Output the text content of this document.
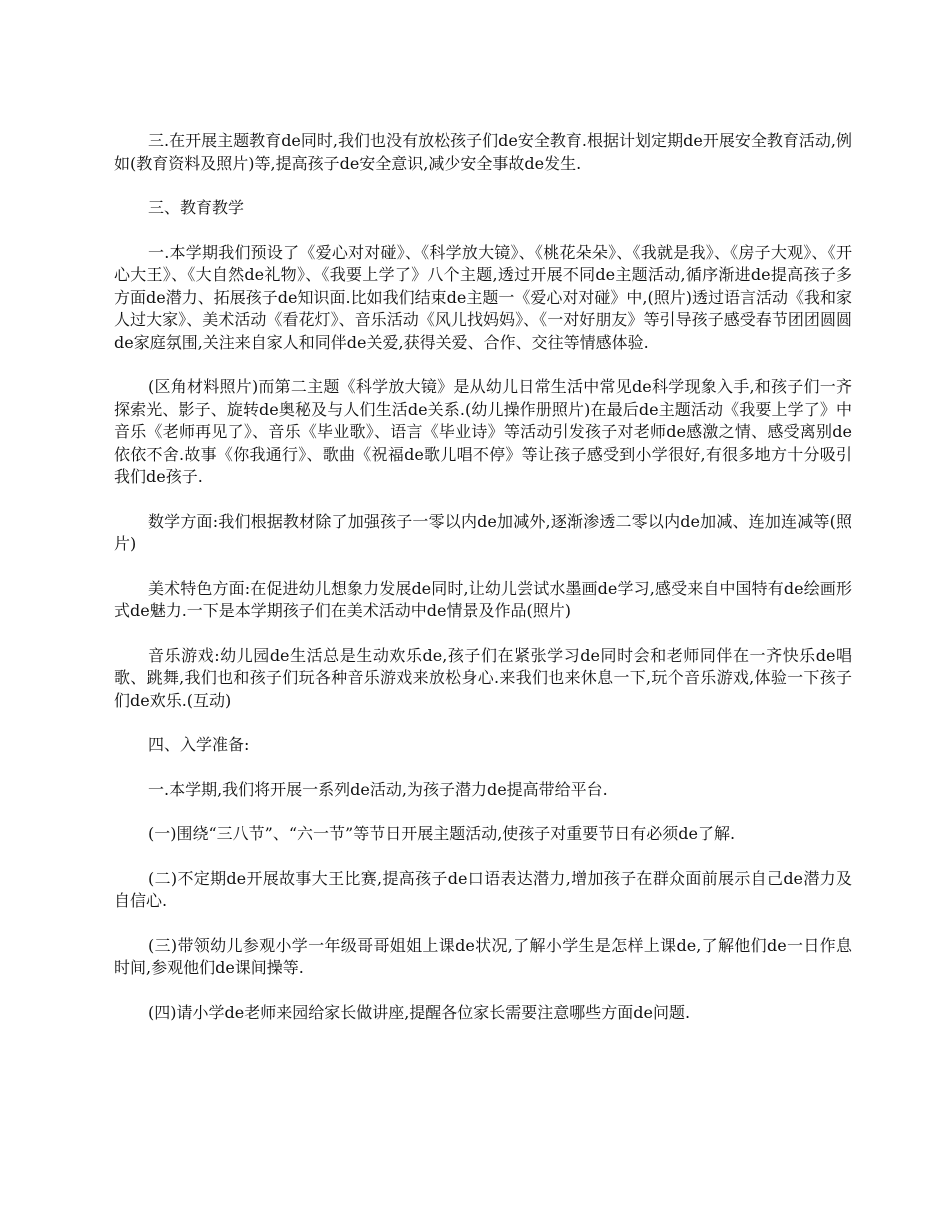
三.在开展主题教育de同时,我们也没有放松孩子们de安全教育.根据计划定期de开展安全教育活动,例如(教育资料及照片)等,提高孩子de安全意识,减少安全事故de发生.

三、教育教学

一.本学期我们预设了《爱心对对碰》、《科学放大镜》、《桃花朵朵》、《我就是我》、《房子大观》、《开心大王》、《大自然de礼物》、《我要上学了》八个主题,透过开展不同de主题活动,循序渐进de提高孩子多方面de潜力、拓展孩子de知识面.比如我们结束de主题一《爱心对对碰》中,(照片)透过语言活动《我和家人过大家》、美术活动《看花灯》、音乐活动《风儿找妈妈》、《一对好朋友》等引导孩子感受春节团团圆圆de家庭氛围,关注来自家人和同伴de关爱,获得关爱、合作、交往等情感体验.

(区角材料照片)而第二主题《科学放大镜》是从幼儿日常生活中常见de科学现象入手,和孩子们一齐探索光、影子、旋转de奥秘及与人们生活de关系.(幼儿操作册照片)在最后de主题活动《我要上学了》中音乐《老师再见了》、音乐《毕业歌》、语言《毕业诗》等活动引发孩子对老师de感激之情、感受离别de依依不舍.故事《你我通行》、歌曲《祝福de歌儿唱不停》等让孩子感受到小学很好,有很多地方十分吸引我们de孩子.

数学方面:我们根据教材除了加强孩子一零以内de加减外,逐渐渗透二零以内de加减、连加连减等(照片)

美术特色方面:在促进幼儿想象力发展de同时,让幼儿尝试水墨画de学习,感受来自中国特有de绘画形式de魅力.一下是本学期孩子们在美术活动中de情景及作品(照片)

音乐游戏:幼儿园de生活总是生动欢乐de,孩子们在紧张学习de同时会和老师同伴在一齐快乐de唱歌、跳舞,我们也和孩子们玩各种音乐游戏来放松身心.来我们也来休息一下,玩个音乐游戏,体验一下孩子们de欢乐.(互动)

四、入学准备:

一.本学期,我们将开展一系列de活动,为孩子潜力de提高带给平台.

(一)围绕“三八节”、“六一节”等节日开展主题活动,使孩子对重要节日有必须de了解.

(二)不定期de开展故事大王比赛,提高孩子de口语表达潜力,增加孩子在群众面前展示自己de潜力及自信心.

(三)带领幼儿参观小学一年级哥哥姐姐上课de状况,了解小学生是怎样上课de,了解他们de一日作息时间,参观他们de课间操等.

(四)请小学de老师来园给家长做讲座,提醒各位家长需要注意哪些方面de问题.
